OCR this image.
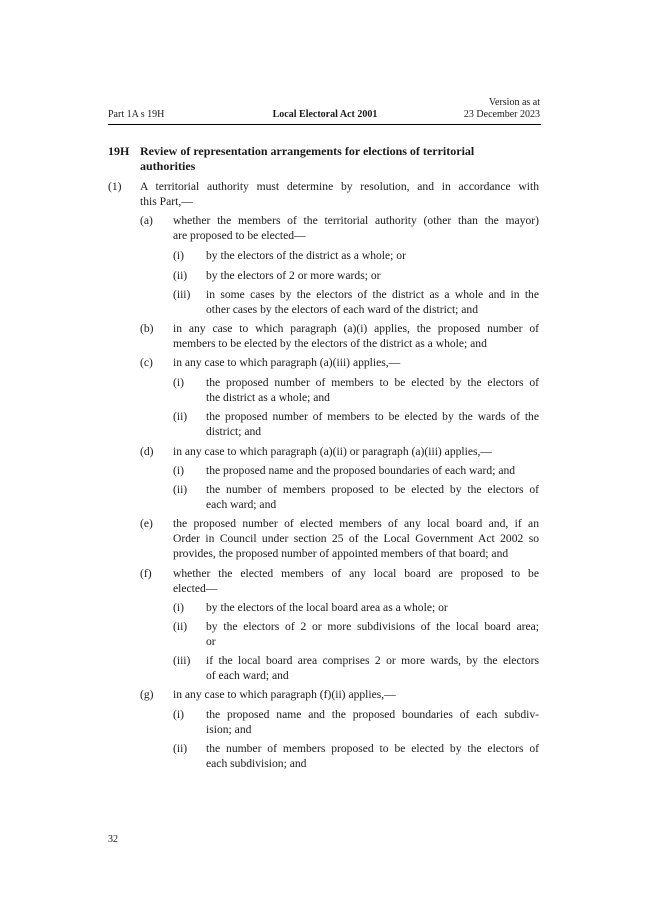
Part 1A s 19H	Local Electoral Act 2001
Version as at
23 December 2023
19H Review of representation arrangements for elections of territorial
authorities
(1) A territorial authority must determine by resolution, and in accordance with
this Part,—
(a) whether the members of the territorial authority (other than the mayor)
are proposed to be elected—
(i) by the electors of the district as a whole; or
(ii) by the electors of 2 or more wards; or
(iii) in some cases by the electors of the district as a whole and in the
other cases by the electors of each ward of the district; and
(b) in any case to which paragraph (a)(i) applies, the proposed number of
members to be elected by the electors of the district as a whole; and
(c) in any case to which paragraph (a)(iii) applies,—
(i) the proposed number of members to be elected by the electors of
the district as a whole; and
(ii) the proposed number of members to be elected by the wards of the
district; and
(d) in any case to which paragraph (a)(ii) or paragraph (a)(iii) applies,—
(i) the proposed name and the proposed boundaries of each ward; and
(ii) the number of members proposed to be elected by the electors of
each ward; and
(e) the proposed number of elected members of any local board and, if an
Order in Council under section 25 of the Local Government Act 2002 so
provides, the proposed number of appointed members of that board; and
(f) whether the elected members of any local board are proposed to be
elected—
(i) by the electors of the local board area as a whole; or
(ii) by the electors of 2 or more subdivisions of the local board area;
or
(iii) if the local board area comprises 2 or more wards, by the electors
of each ward; and
(g) in any case to which paragraph (f)(ii) applies,—
(i) the proposed name and the proposed boundaries of each subdiv-
ision; and
(ii) the number of members proposed to be elected by the electors of
each subdivision; and
32
